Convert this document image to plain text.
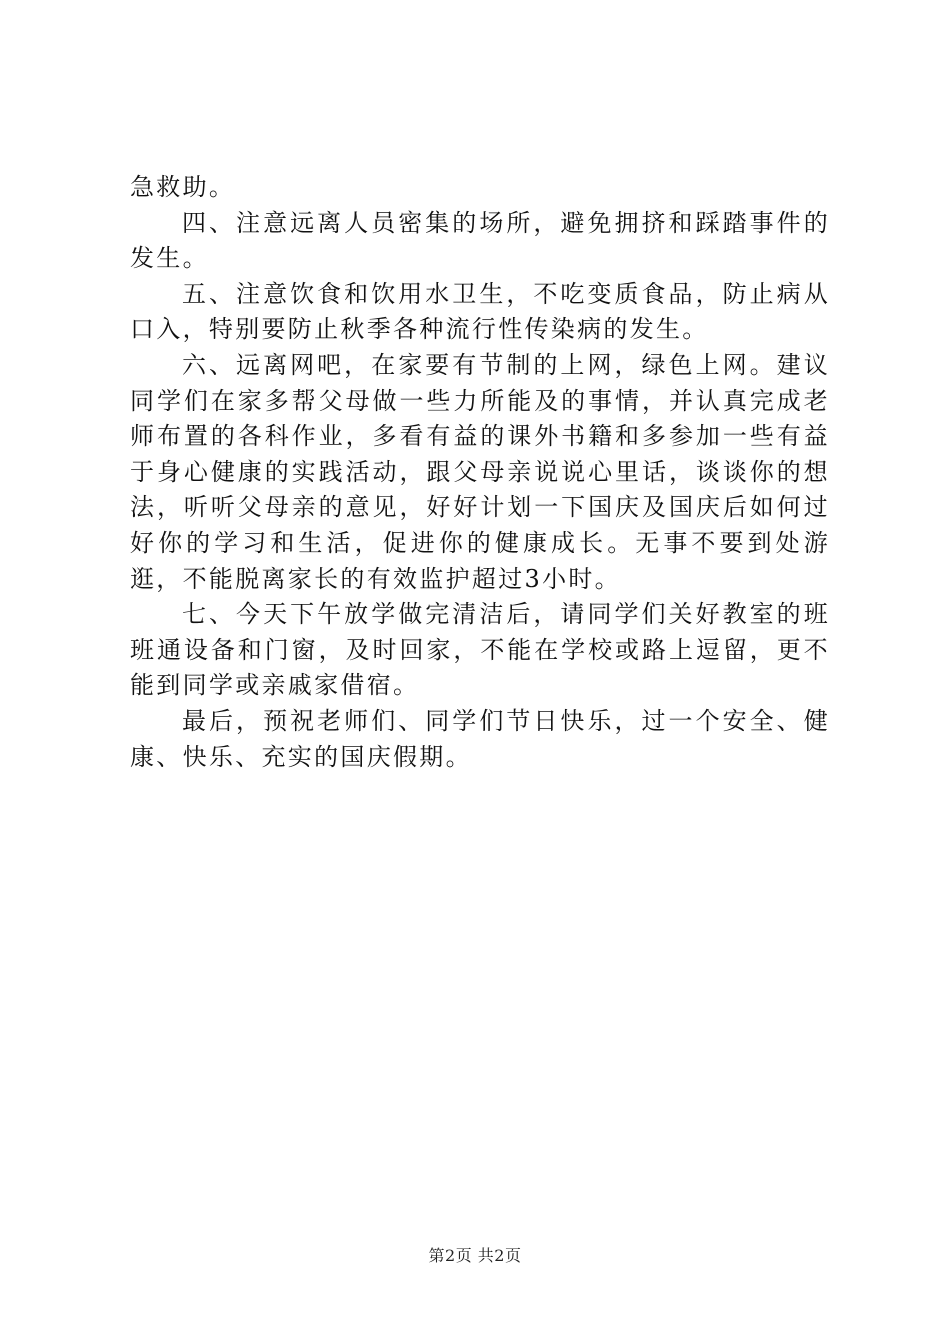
急救助。

四、注意远离人员密集的场所，避免拥挤和踩踏事件的发生。

五、注意饮食和饮用水卫生，不吃变质食品，防止病从口入，特别要防止秋季各种流行性传染病的发生。

六、远离网吧，在家要有节制的上网，绿色上网。建议同学们在家多帮父母做一些力所能及的事情，并认真完成老师布置的各科作业，多看有益的课外书籍和多参加一些有益于身心健康的实践活动，跟父母亲说说心里话，谈谈你的想法，听听父母亲的意见，好好计划一下国庆及国庆后如何过好你的学习和生活，促进你的健康成长。无事不要到处游逛，不能脱离家长的有效监护超过3小时。

七、今天下午放学做完清洁后，请同学们关好教室的班班通设备和门窗，及时回家，不能在学校或路上逗留，更不能到同学或亲戚家借宿。

最后，预祝老师们、同学们节日快乐，过一个安全、健康、快乐、充实的国庆假期。

第2页 共2页
